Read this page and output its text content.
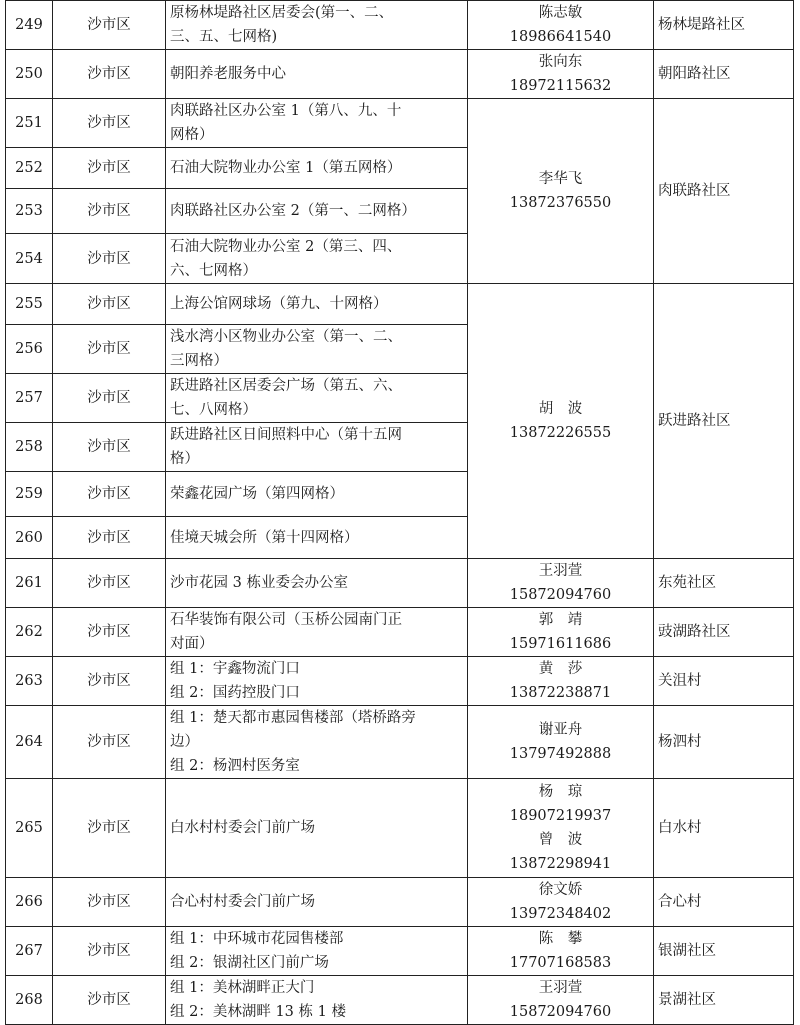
249	沙市区	原杨林堤路社区居委会(第一、二、
三、五、七网格)	陈志敏
18986641540	杨林堤路社区
250	沙市区	朝阳养老服务中心	张向东
18972115632	朝阳路社区
251	沙市区	肉联路社区办公室 1（第八、九、十
网格）	李华飞
13872376550	肉联路社区
252	沙市区	石油大院物业办公室 1（第五网格）		
253	沙市区	肉联路社区办公室 2（第一、二网格）		
254	沙市区	石油大院物业办公室 2（第三、四、
六、七网格）		
255	沙市区	上海公馆网球场（第九、十网格）	胡　波
13872226555	跃进路社区
256	沙市区	浅水湾小区物业办公室（第一、二、
三网格）		
257	沙市区	跃进路社区居委会广场（第五、六、
七、八网格）		
258	沙市区	跃进路社区日间照料中心（第十五网
格）		
259	沙市区	荣鑫花园广场（第四网格）		
260	沙市区	佳境天城会所（第十四网格）		
261	沙市区	沙市花园 3 栋业委会办公室	王羽萱
15872094760	东苑社区
262	沙市区	石华装饰有限公司（玉桥公园南门正
对面）	郭　靖
15971611686	豉湖路社区
263	沙市区	组 1：宇鑫物流门口
组 2：国药控股门口	黄　莎
13872238871	关沮村
264	沙市区	组 1：楚天都市惠园售楼部（塔桥路旁
边）
组 2：杨泗村医务室	谢亚舟
13797492888	杨泗村
265	沙市区	白水村村委会门前广场	杨　琼
18907219937
曾　波
13872298941	白水村
266	沙市区	合心村村委会门前广场	徐文娇
13972348402	合心村
267	沙市区	组 1：中环城市花园售楼部
组 2：银湖社区门前广场	陈　攀
17707168583	银湖社区
268	沙市区	组 1：美林湖畔正大门
组 2：美林湖畔 13 栋 1 楼	王羽萱
15872094760	景湖社区
